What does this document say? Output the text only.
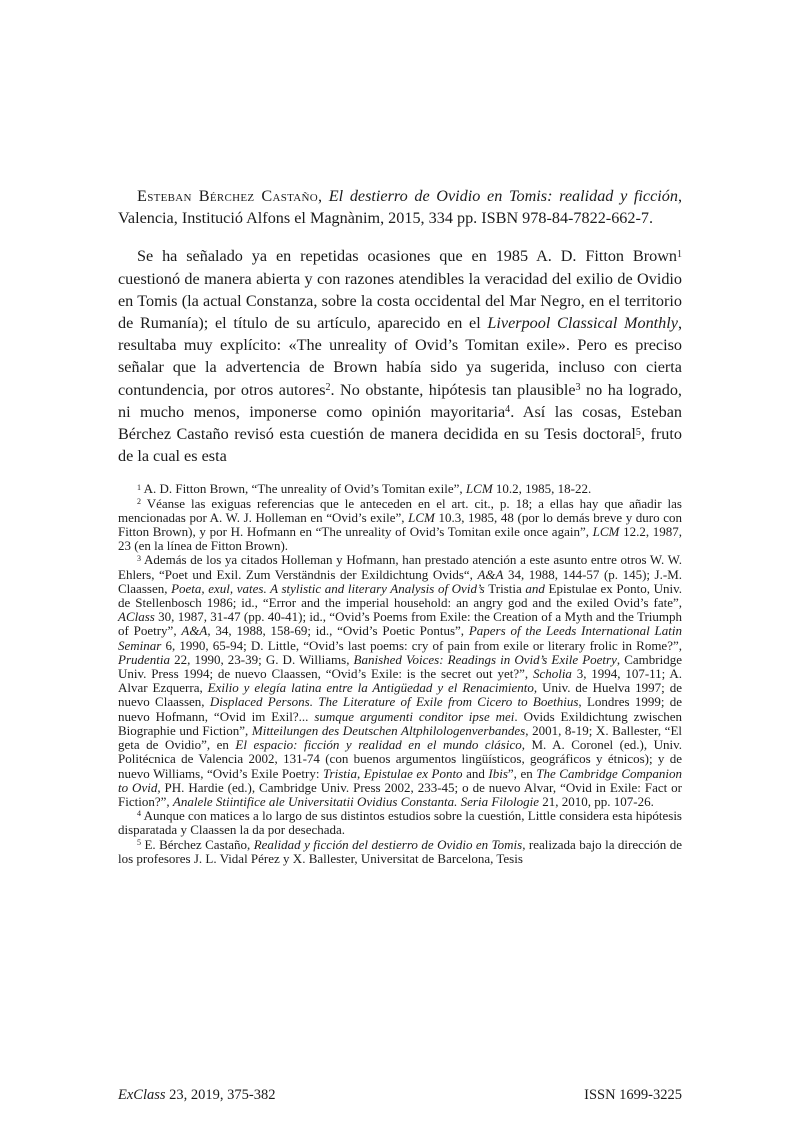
Esteban Bérchez Castaño, El destierro de Ovidio en Tomis: realidad y ficción, Valencia, Institució Alfons el Magnànim, 2015, 334 pp. ISBN 978-84-7822-662-7.

Se ha señalado ya en repetidas ocasiones que en 1985 A. D. Fitton Brown$^1$ cuestionó de manera abierta y con razones atendibles la veracidad del exilio de Ovidio en Tomis (la actual Constanza, sobre la costa occidental del Mar Negro, en el territorio de Rumanía); el título de su artículo, aparecido en el Liverpool Classical Monthly, resultaba muy explícito: «The unreality of Ovid’s Tomitan exile». Pero es preciso señalar que la advertencia de Brown había sido ya sugerida, incluso con cierta contundencia, por otros autores$^2$. No obstante, hipótesis tan plausible$^3$ no ha logrado, ni mucho menos, imponerse como opinión mayoritaria$^4$. Así las cosas, Esteban Bérchez Castaño revisó esta cuestión de manera decidida en su Tesis doctoral$^5$, fruto de la cual es esta

$^1$ A. D. Fitton Brown, “The unreality of Ovid’s Tomitan exile”, LCM 10.2, 1985, 18-22.

$^2$ Véanse las exiguas referencias que le anteceden en el art. cit., p. 18; a ellas hay que añadir las mencionadas por A. W. J. Holleman en “Ovid’s exile”, LCM 10.3, 1985, 48 (por lo demás breve y duro con Fitton Brown), y por H. Hofmann en “The unreality of Ovid’s Tomitan exile once again”, LCM 12.2, 1987, 23 (en la línea de Fitton Brown).

$^3$ Además de los ya citados Holleman y Hofmann, han prestado atención a este asunto entre otros W. W. Ehlers, “Poet und Exil. Zum Verständnis der Exildichtung Ovids“, A&A 34, 1988, 144-57 (p. 145); J.-M. Claassen, Poeta, exul, vates. A stylistic and literary Analysis of Ovid’s Tristia and Epistulae ex Ponto, Univ. de Stellenbosch 1986; id., “Error and the imperial household: an angry god and the exiled Ovid’s fate”, AClass 30, 1987, 31-47 (pp. 40-41); id., “Ovid’s Poems from Exile: the Creation of a Myth and the Triumph of Poetry”, A&A, 34, 1988, 158-69; id., “Ovid’s Poetic Pontus”, Papers of the Leeds International Latin Seminar 6, 1990, 65-94; D. Little, “Ovid’s last poems: cry of pain from exile or literary frolic in Rome?”, Prudentia 22, 1990, 23-39; G. D. Williams, Banished Voices: Readings in Ovid’s Exile Poetry, Cambridge Univ. Press 1994; de nuevo Claassen, “Ovid’s Exile: is the secret out yet?”, Scholia 3, 1994, 107-11; A. Alvar Ezquerra, Exilio y elegía latina entre la Antigüedad y el Renacimiento, Univ. de Huelva 1997; de nuevo Claassen, Displaced Persons. The Literature of Exile from Cicero to Boethius, Londres 1999; de nuevo Hofmann, “Ovid im Exil?... sumque argumenti conditor ipse mei. Ovids Exildichtung zwischen Biographie und Fiction”, Mitteilungen des Deutschen Altphilologenverbandes, 2001, 8-19; X. Ballester, “El geta de Ovidio”, en El espacio: ficción y realidad en el mundo clásico, M. A. Coronel (ed.), Univ. Politécnica de Valencia 2002, 131-74 (con buenos argumentos lingüísticos, geográficos y étnicos); y de nuevo Williams, “Ovid’s Exile Poetry: Tristia, Epistulae ex Ponto and Ibis”, en The Cambridge Companion to Ovid, PH. Hardie (ed.), Cambridge Univ. Press 2002, 233-45; o de nuevo Alvar, “Ovid in Exile: Fact or Fiction?”, Analele Stiintifice ale Universitatii Ovidius Constanta. Seria Filologie 21, 2010, pp. 107-26.

$^4$ Aunque con matices a lo largo de sus distintos estudios sobre la cuestión, Little considera esta hipótesis disparatada y Claassen la da por desechada.

$^5$ E. Bérchez Castaño, Realidad y ficción del destierro de Ovidio en Tomis, realizada bajo la dirección de los profesores J. L. Vidal Pérez y X. Ballester, Universitat de Barcelona, Tesis

ExClass 23, 2019, 375-382	ISSN 1699-3225
